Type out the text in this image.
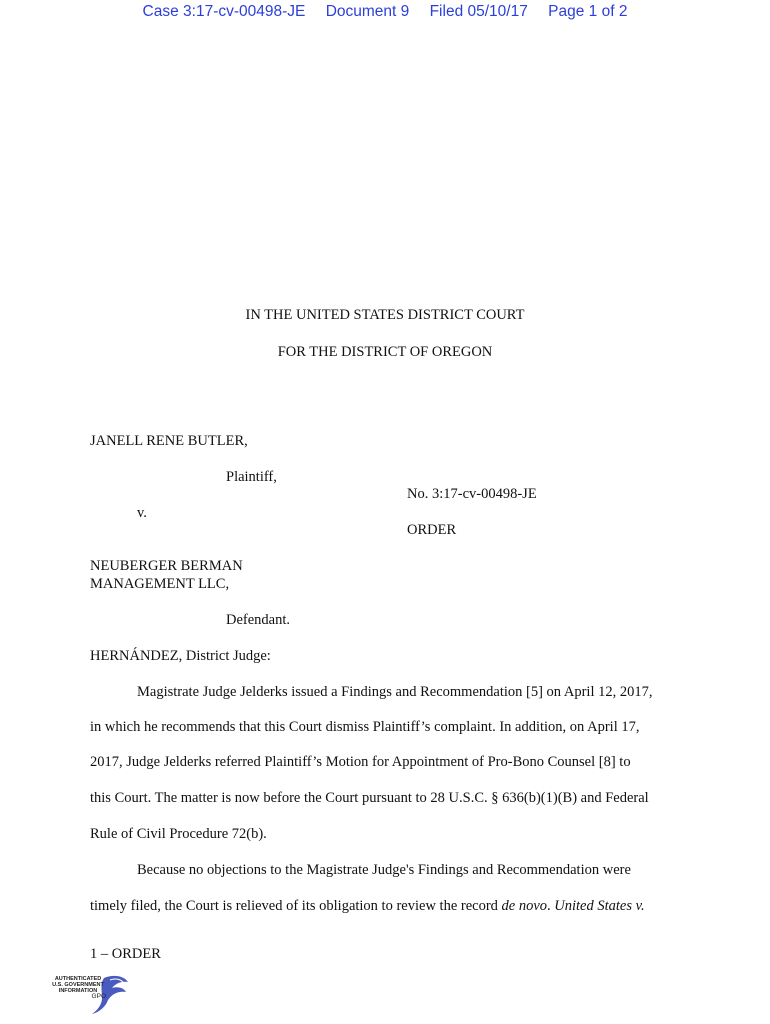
Case 3:17-cv-00498-JE Document 9 Filed 05/10/17 Page 1 of 2
IN THE UNITED STATES DISTRICT COURT
FOR THE DISTRICT OF OREGON
JANELL RENE BUTLER,
Plaintiff,
No. 3:17-cv-00498-JE
v.
ORDER
NEUBERGER BERMAN
MANAGEMENT LLC,
Defendant.
HERNÁNDEZ, District Judge:
Magistrate Judge Jelderks issued a Findings and Recommendation [5] on April 12, 2017,
in which he recommends that this Court dismiss Plaintiff’s complaint. In addition, on April 17,
2017, Judge Jelderks referred Plaintiff’s Motion for Appointment of Pro-Bono Counsel [8] to
this Court. The matter is now before the Court pursuant to 28 U.S.C. § 636(b)(1)(B) and Federal
Rule of Civil Procedure 72(b).
Because no objections to the Magistrate Judge's Findings and Recommendation were
timely filed, the Court is relieved of its obligation to review the record de novo. United States v.
1 – ORDER
AUTHENTICATED
U.S. GOVERNMENT
INFORMATION
GPO
